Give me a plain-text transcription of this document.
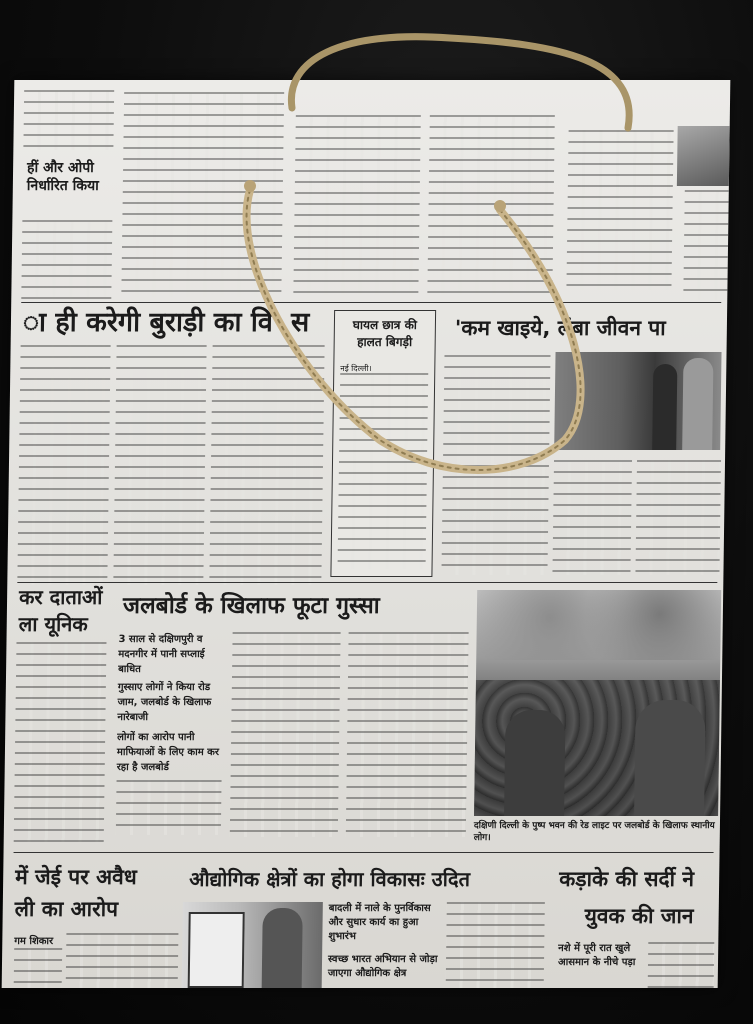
हीं और ओपी
निर्धारित किया
ा ही करेगी बुराड़ी का वि स	घायल छात्र की हालत बिगड़ी
नई दिल्ली।
'कम खाइये, लंबा जीवन पा
कर दाताओं
ला यूनिक
जलबोर्ड के खिलाफ फूटा गुस्सा
3 साल से दक्षिणपुरी व मदनगीर में पानी सप्लाई बाधित
गुस्साए लोगों ने किया रोड जाम, जलबोर्ड के खिलाफ नारेबाजी
लोगों का आरोप पानी माफियाओं के लिए काम कर रहा है जलबोर्ड
दक्षिणी दिल्ली के पुष्प भवन की रेड लाइट पर जलबोर्ड के खिलाफ स्थानीय लोग।
में जेई पर अवैध
ली का आरोप
गम शिकार
औद्योगिक क्षेत्रों का होगा विकासः उदित
बादली में नाले के पुनर्विकास और सुधार कार्य का हुआ शुभारंभ
स्वच्छ भारत अभियान से जोड़ा जाएगा औद्योगिक क्षेत्र
कड़ाके की सर्दी ने
युवक की जान
नशे में पूरी रात खुले आसमान के नीचे पड़ा
